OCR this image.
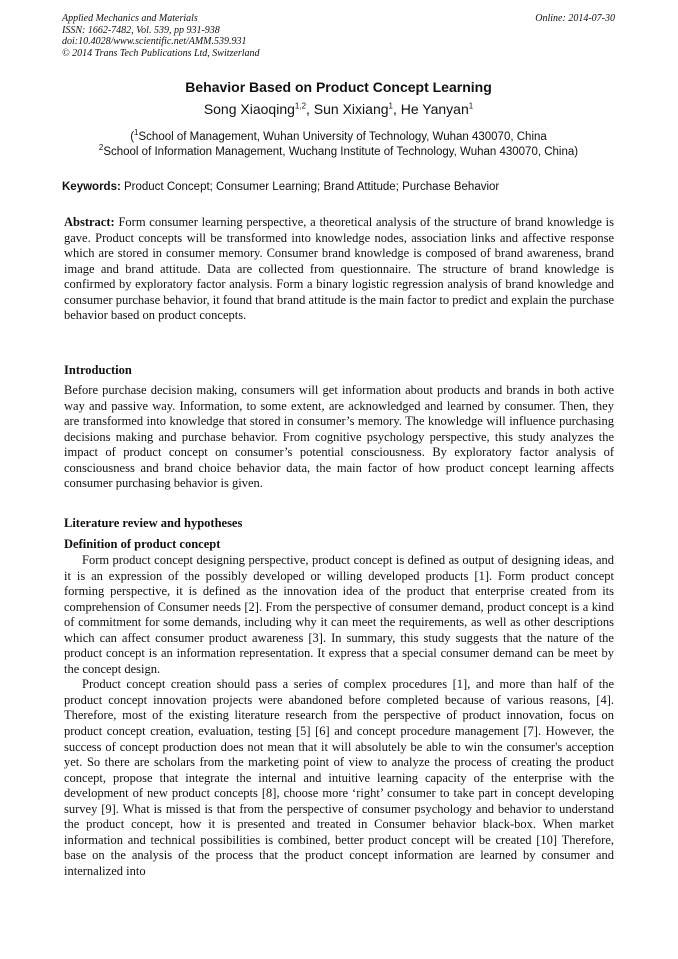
Applied Mechanics and Materials
ISSN: 1662-7482, Vol. 539, pp 931-938
doi:10.4028/www.scientific.net/AMM.539.931
© 2014 Trans Tech Publications Ltd, Switzerland
Online: 2014-07-30
Behavior Based on Product Concept Learning
Song Xiaoqing$^{1,2}$, Sun Xixiang$^1$, He Yanyan$^1$
($^1$School of Management, Wuhan University of Technology, Wuhan 430070, China
$^2$School of Information Management, Wuchang Institute of Technology, Wuhan 430070, China)
Keywords: Product Concept; Consumer Learning; Brand Attitude; Purchase Behavior
Abstract: Form consumer learning perspective, a theoretical analysis of the structure of brand knowledge is gave. Product concepts will be transformed into knowledge nodes, association links and affective response which are stored in consumer memory. Consumer brand knowledge is composed of brand awareness, brand image and brand attitude. Data are collected from questionnaire. The structure of brand knowledge is confirmed by exploratory factor analysis. Form a binary logistic regression analysis of brand knowledge and consumer purchase behavior, it found that brand attitude is the main factor to predict and explain the purchase behavior based on product concepts.
Introduction
Before purchase decision making, consumers will get information about products and brands in both active way and passive way. Information, to some extent, are acknowledged and learned by consumer. Then, they are transformed into knowledge that stored in consumer’s memory. The knowledge will influence purchasing decisions making and purchase behavior. From cognitive psychology perspective, this study analyzes the impact of product concept on consumer’s potential consciousness. By exploratory factor analysis of consciousness and brand choice behavior data, the main factor of how product concept learning affects consumer purchasing behavior is given.
Literature review and hypotheses
Definition of product concept

Form product concept designing perspective, product concept is defined as output of designing ideas, and it is an expression of the possibly developed or willing developed products [1]. Form product concept forming perspective, it is defined as the innovation idea of the product that enterprise created from its comprehension of Consumer needs [2]. From the perspective of consumer demand, product concept is a kind of commitment for some demands, including why it can meet the requirements, as well as other descriptions which can affect consumer product awareness [3]. In summary, this study suggests that the nature of the product concept is an information representation. It express that a special consumer demand can be meet by the concept design.

Product concept creation should pass a series of complex procedures [1], and more than half of the product concept innovation projects were abandoned before completed because of various reasons, [4]. Therefore, most of the existing literature research from the perspective of product innovation, focus on product concept creation, evaluation, testing [5] [6] and concept procedure management [7]. However, the success of concept production does not mean that it will absolutely be able to win the consumer's acception yet. So there are scholars from the marketing point of view to analyze the process of creating the product concept, propose that integrate the internal and intuitive learning capacity of the enterprise with the development of new product concepts [8], choose more ‘right’ consumer to take part in concept developing survey [9]. What is missed is that from the perspective of consumer psychology and behavior to understand the product concept, how it is presented and treated in Consumer behavior black-box. When market information and technical possibilities is combined, better product concept will be created [10] Therefore, base on the analysis of the process that the product concept information are learned by consumer and internalized into
